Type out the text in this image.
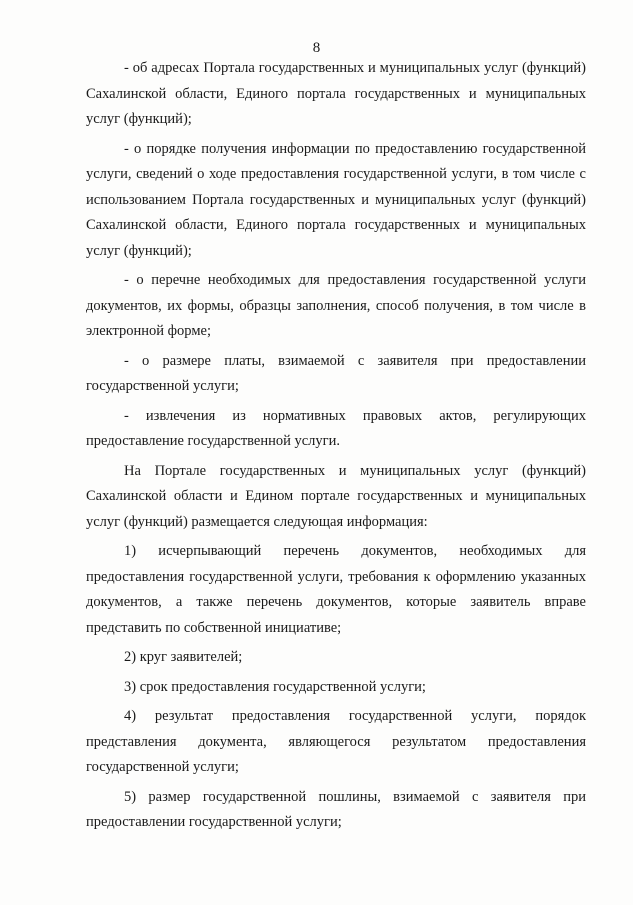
8

- об адресах Портала государственных и муниципальных услуг (функций) Сахалинской области, Единого портала государственных и муниципальных услуг (функций);

- о порядке получения информации по предоставлению государственной услуги, сведений о ходе предоставления государственной услуги, в том числе с использованием Портала государственных и муниципальных услуг (функций) Сахалинской области, Единого портала государственных и муниципальных услуг (функций);

- о перечне необходимых для предоставления государственной услуги документов, их формы, образцы заполнения, способ получения, в том числе в электронной форме;

- о размере платы, взимаемой с заявителя при предоставлении государственной услуги;

- извлечения из нормативных правовых актов, регулирующих предоставление государственной услуги.

На Портале государственных и муниципальных услуг (функций) Сахалинской области и Едином портале государственных и муниципальных услуг (функций) размещается следующая информация:

1) исчерпывающий перечень документов, необходимых для предоставления государственной услуги, требования к оформлению указанных документов, а также перечень документов, которые заявитель вправе представить по собственной инициативе;

2) круг заявителей;

3) срок предоставления государственной услуги;

4) результат предоставления государственной услуги, порядок представления документа, являющегося результатом предоставления государственной услуги;

5) размер государственной пошлины, взимаемой с заявителя при предоставлении государственной услуги;
